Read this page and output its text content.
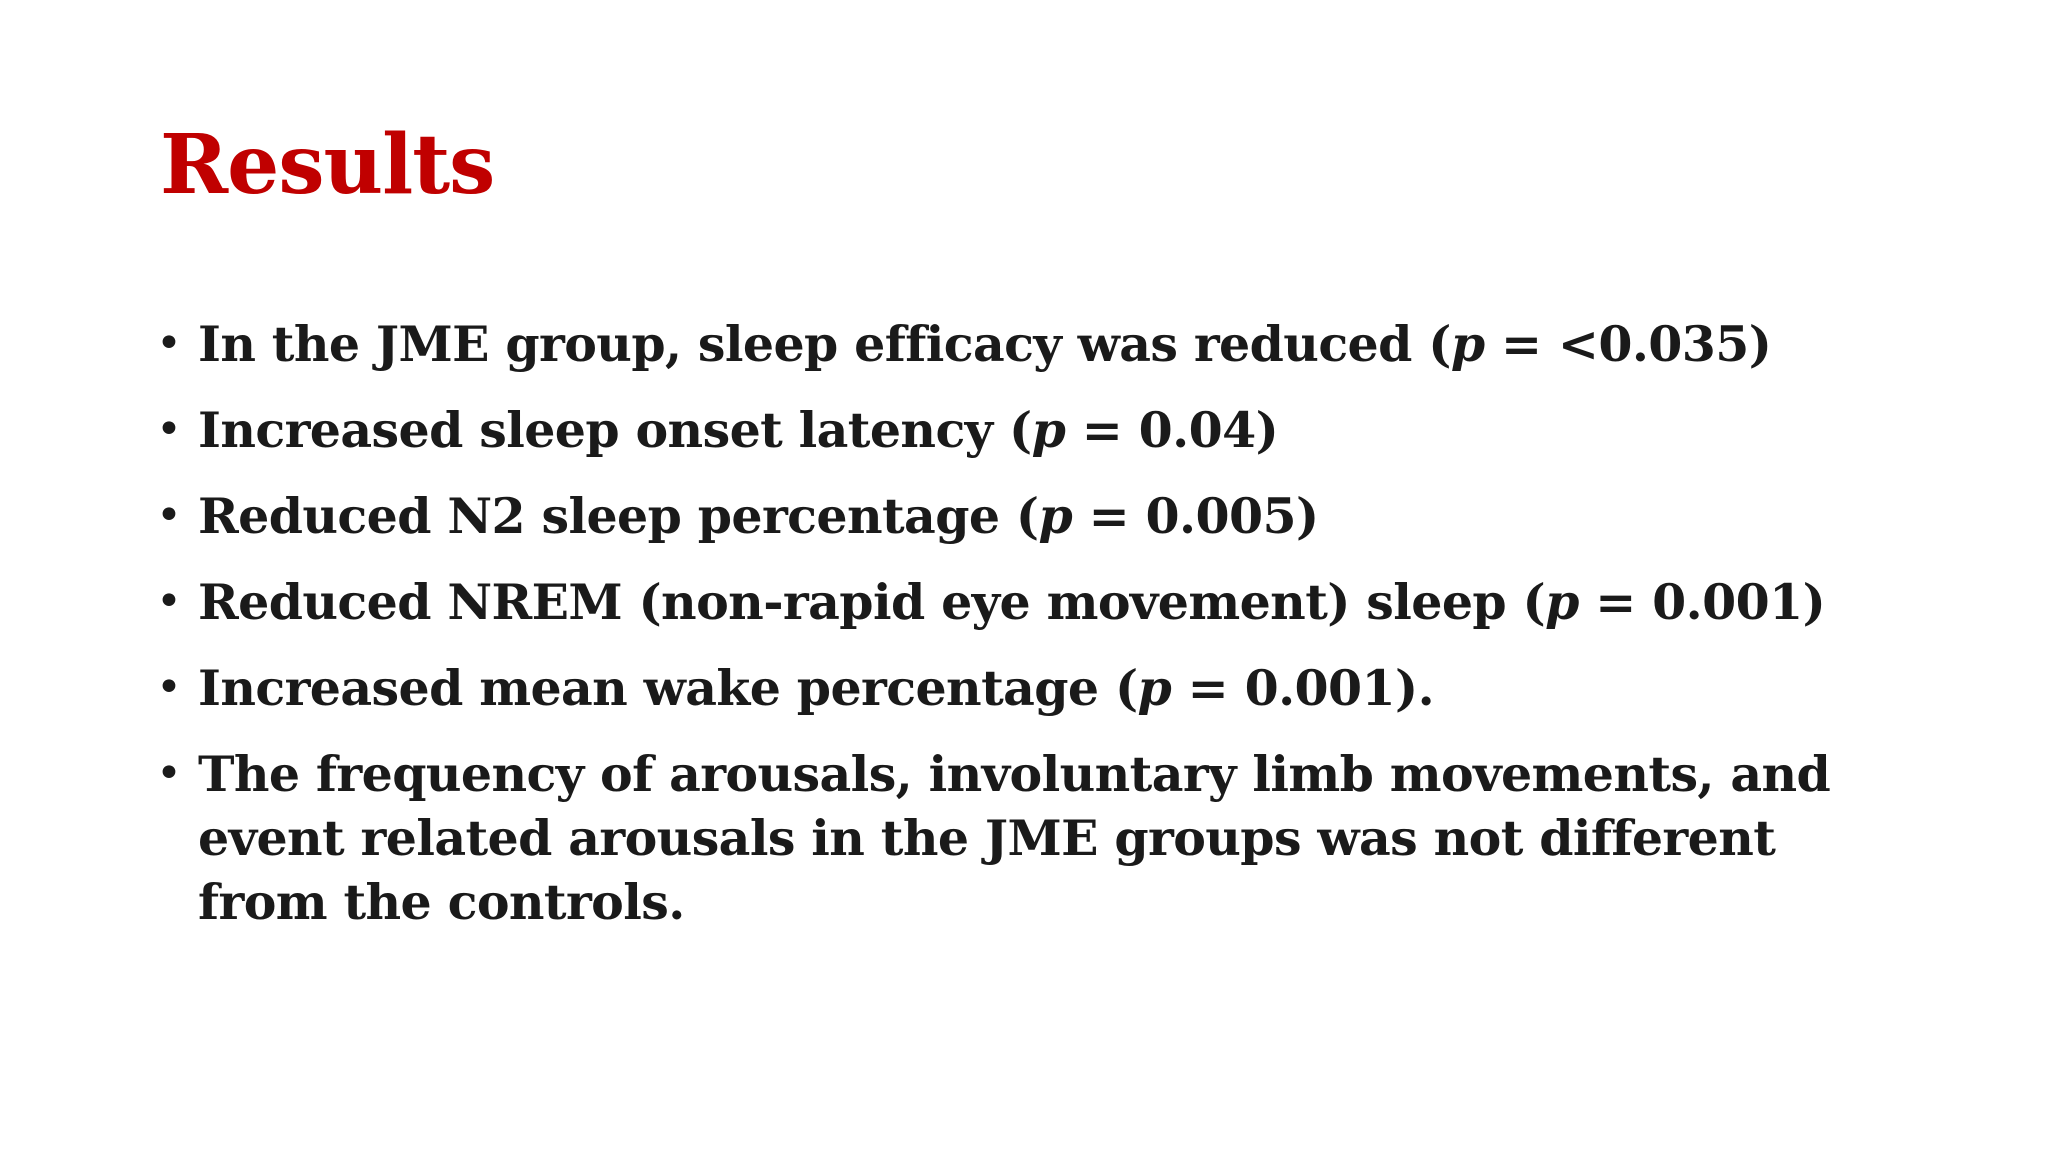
Results
• In the JME group, sleep efficacy was reduced (p = <0.035)
• Increased sleep onset latency (p = 0.04)
• Reduced N2 sleep percentage (p = 0.005)
• Reduced NREM (non-rapid eye movement) sleep (p = 0.001)
• Increased mean wake percentage (p = 0.001).
• The frequency of arousals, involuntary limb movements, and event related arousals in the JME groups was not different from the controls.
